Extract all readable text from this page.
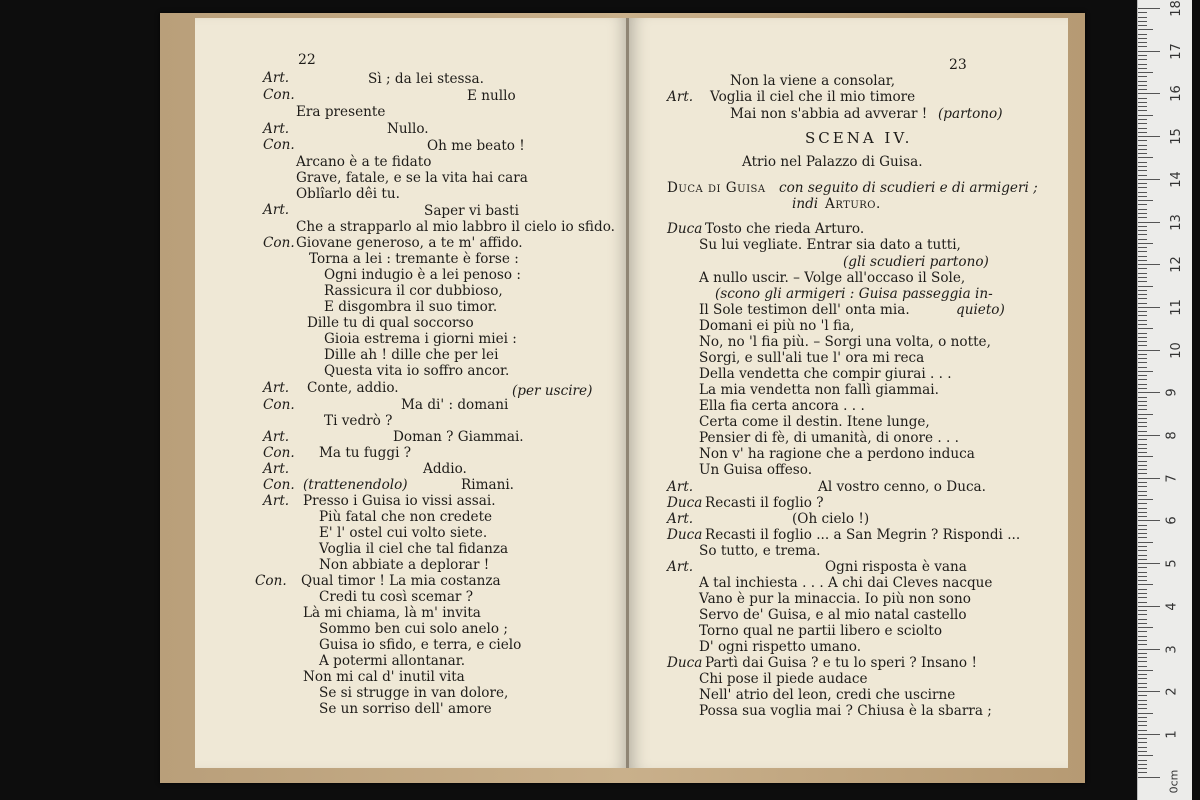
22
Art.	Sì ; da lei stessa.
Con.	E nullo
Era presente
Art.	Nullo.
Con.	Oh me beato !
Arcano è a te fidato
Grave, fatale, e se la vita hai cara
Oblîarlo dêi tu.
Art.	Saper vi basti
Che a strapparlo al mio labbro il cielo io sfido.
Con. Giovane generoso, a te m' affido.
Torna a lei : tremante è forse :
Ogni indugio è a lei penoso :
Rassicura il cor dubbioso,
E disgombra il suo timor.
Dille tu di qual soccorso
Gioia estrema i giorni miei :
Dille ah ! dille che per lei
Questa vita io soffro ancor.
Art. Conte, addio.	(per uscire)
Con.	Ma di' : domani
Ti vedrò ?
Art.	Doman ? Giammai.
Con. Ma tu fuggi ?
Art.	Addio.
Con. (trattenendolo)	Rimani.
Art. Presso i Guisa io vissi assai.
Più fatal che non credete
E' l' ostel cui volto siete.
Voglia il ciel che tal fidanza
Non abbiate a deplorar !
Con. Qual timor ! La mia costanza
Credi tu così scemar ?
Là mi chiama, là m' invita
Sommo ben cui solo anelo ;
Guisa io sfido, e terra, e cielo
A potermi allontanar.
Non mi cal d' inutil vita
Se si strugge in van dolore,
Se un sorriso dell' amore
23
Non la viene a consolar,
Art. Voglia il ciel che il mio timore
Mai non s'abbia ad avverar ! (partono)
SCENA IV.
Atrio nel Palazzo di Guisa.
Duca di Guisa con seguito di scudieri e di armigeri ;
indi Arturo.
Duca Tosto che rieda Arturo.
Su lui vegliate. Entrar sia dato a tutti,
(gli scudieri partono)
A nullo uscir. – Volge all'occaso il Sole,
(scono gli armigeri : Guisa passeggia in-
Il Sole testimon dell' onta mia.	quieto)
Domani ei più no 'l fia,
No, no 'l fia più. – Sorgi una volta, o notte,
Sorgi, e sull'ali tue l' ora mi reca
Della vendetta che compir giurai . . .
La mia vendetta non fallì giammai.
Ella fia certa ancora . . .
Certa come il destin. Itene lunge,
Pensier di fè, di umanità, di onore . . .
Non v' ha ragione che a perdono induca
Un Guisa offeso.
Art.	Al vostro cenno, o Duca.
Duca Recasti il foglio ?
Art.	(Oh cielo !)
Duca Recasti il foglio ... a San Megrin ? Rispondi ...
So tutto, e trema.
Art.	Ogni risposta è vana
A tal inchiesta . . . A chi dai Cleves nacque
Vano è pur la minaccia. Io più non sono
Servo de' Guisa, e al mio natal castello
Torno qual ne partii libero e sciolto
D' ogni rispetto umano.
Duca Partì dai Guisa ? e tu lo speri ? Insano !
Chi pose il piede audace
Nell' atrio del leon, credi che uscirne
Possa sua voglia mai ? Chiusa è la sbarra ;
0cm
18
17
16
15
14
13
12
11
10
9
8
7
6
5
4
3
2
1
